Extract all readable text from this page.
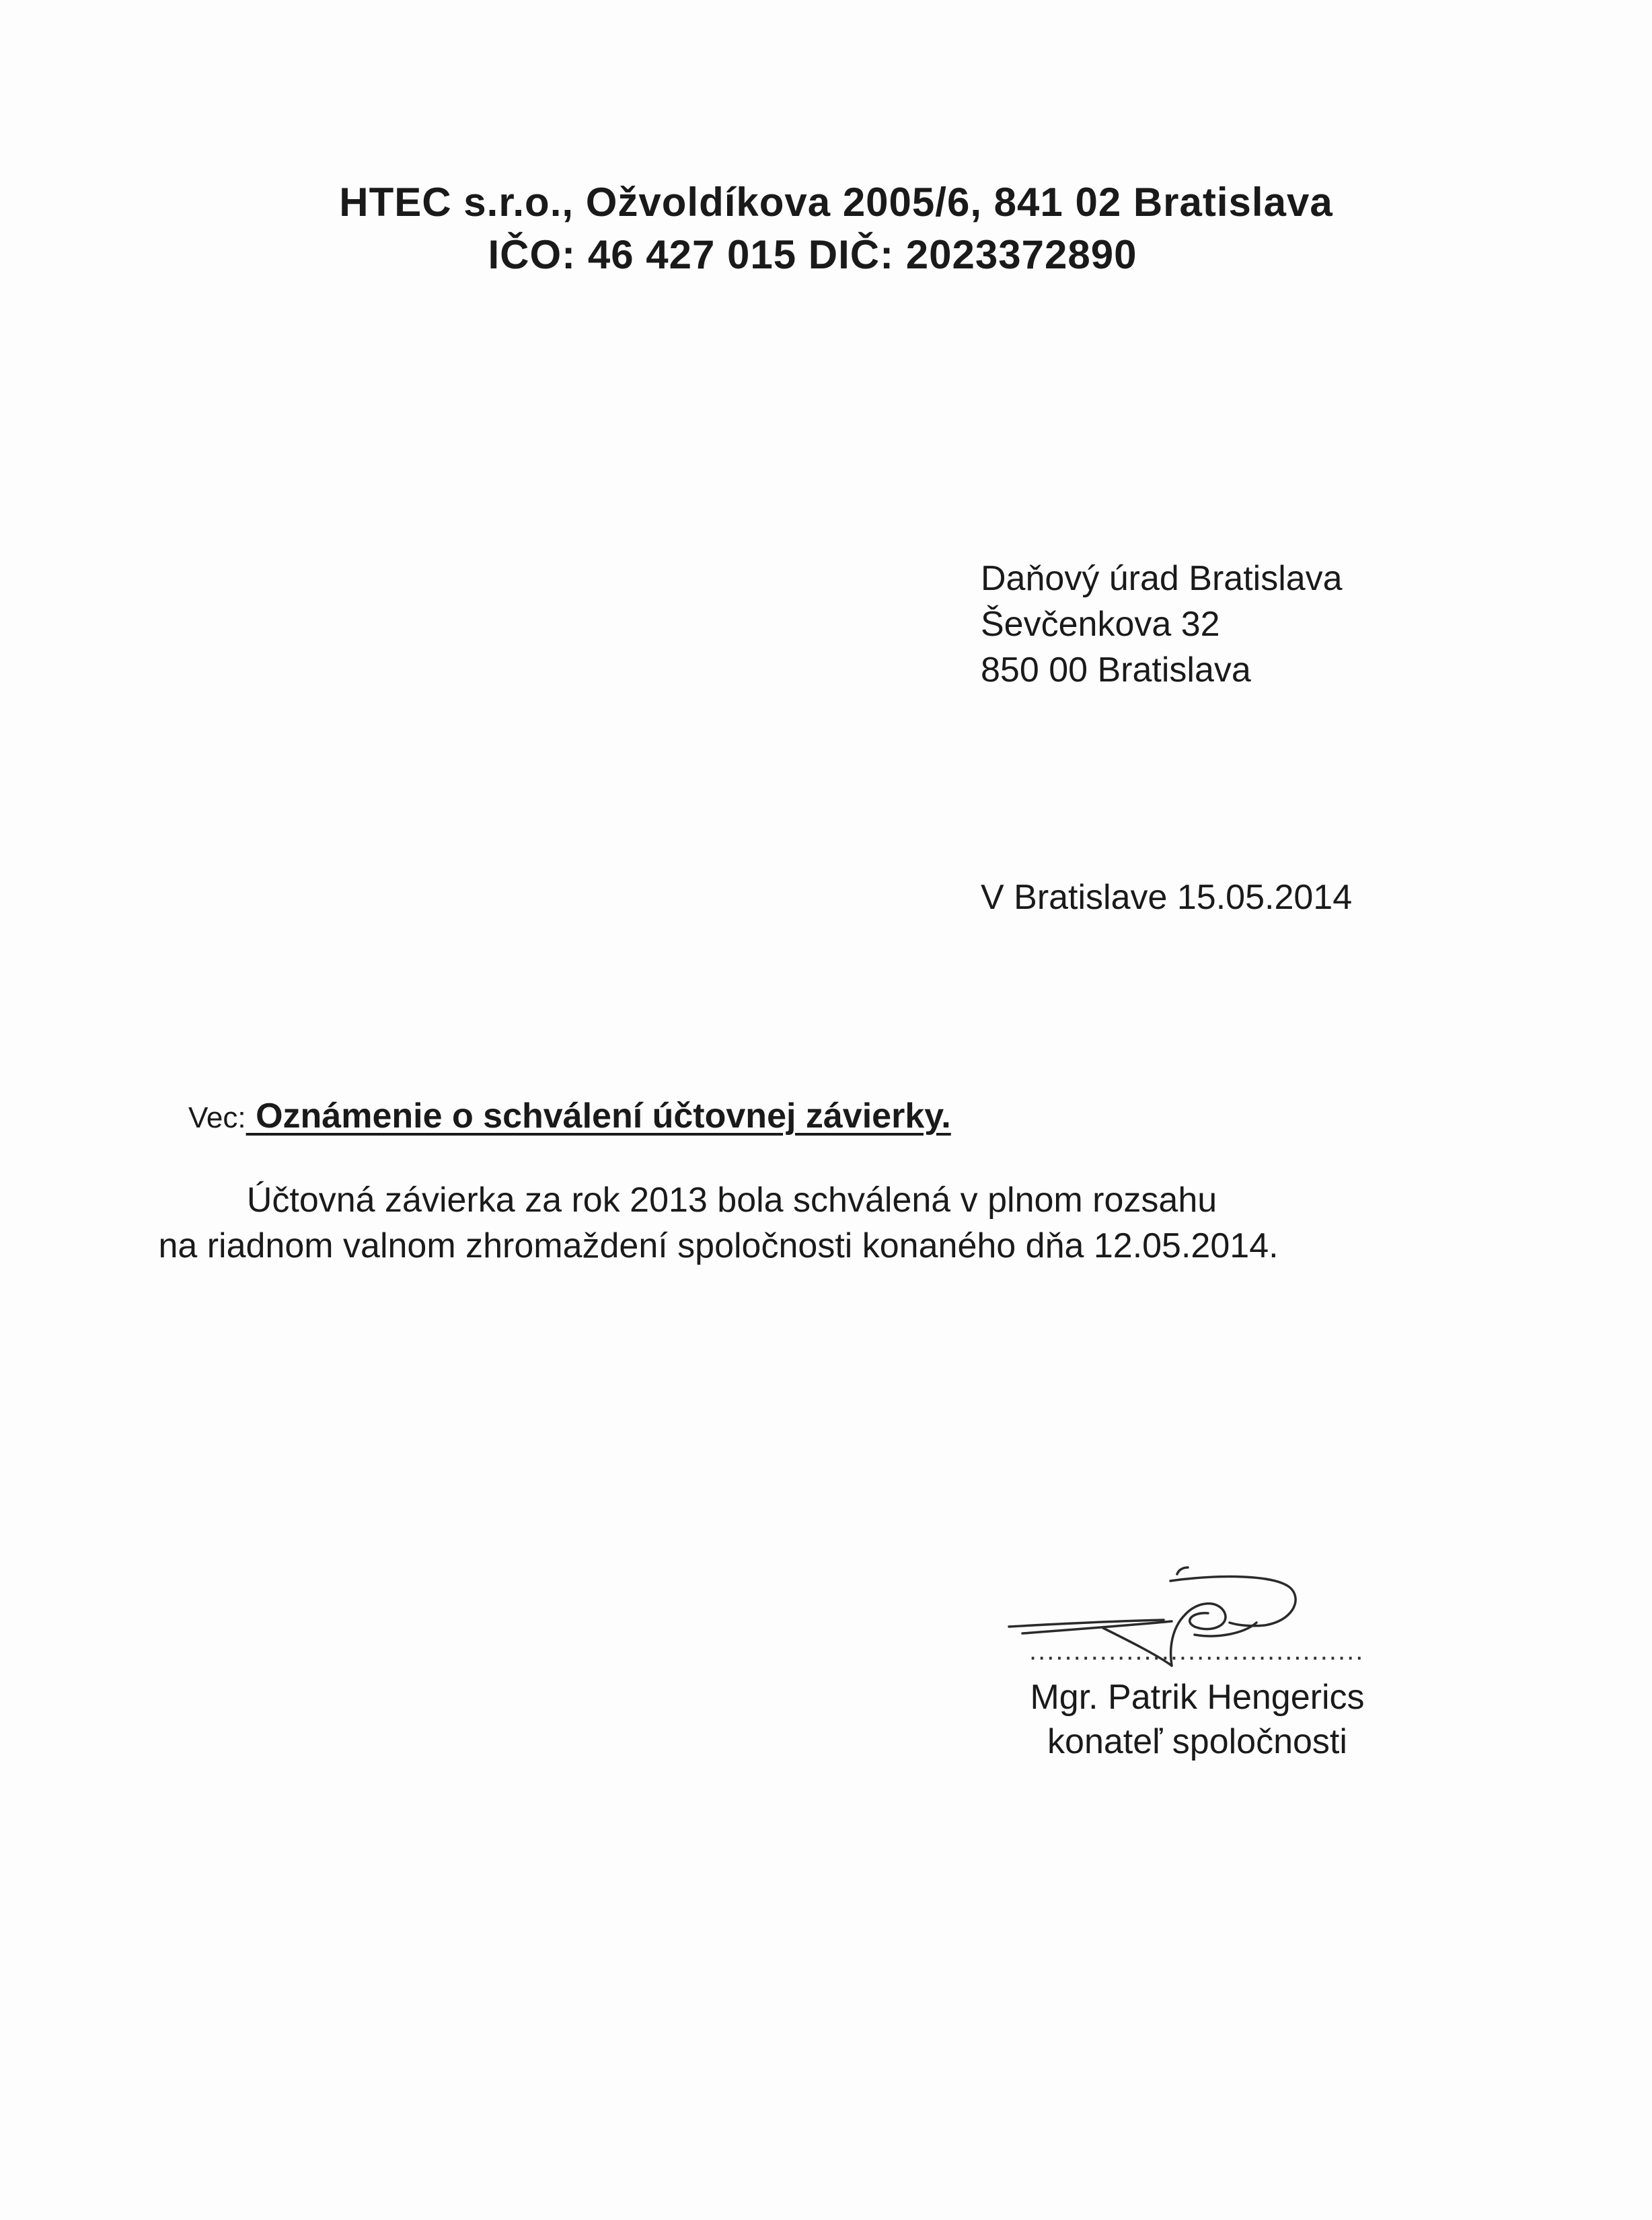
HTEC s.r.o., Ožvoldíkova 2005/6, 841 02 Bratislava
IČO: 46 427 015 DIČ: 2023372890
Daňový úrad Bratislava
Ševčenkova 32
850 00 Bratislava
V Bratislave 15.05.2014
Vec: Oznámenie o schválení účtovnej závierky.
Účtovná závierka za rok 2013 bola schválená v plnom rozsahu
na riadnom valnom zhromaždení spoločnosti konaného dňa 12.05.2014.
......................................
Mgr. Patrik Hengerics
konateľ spoločnosti
